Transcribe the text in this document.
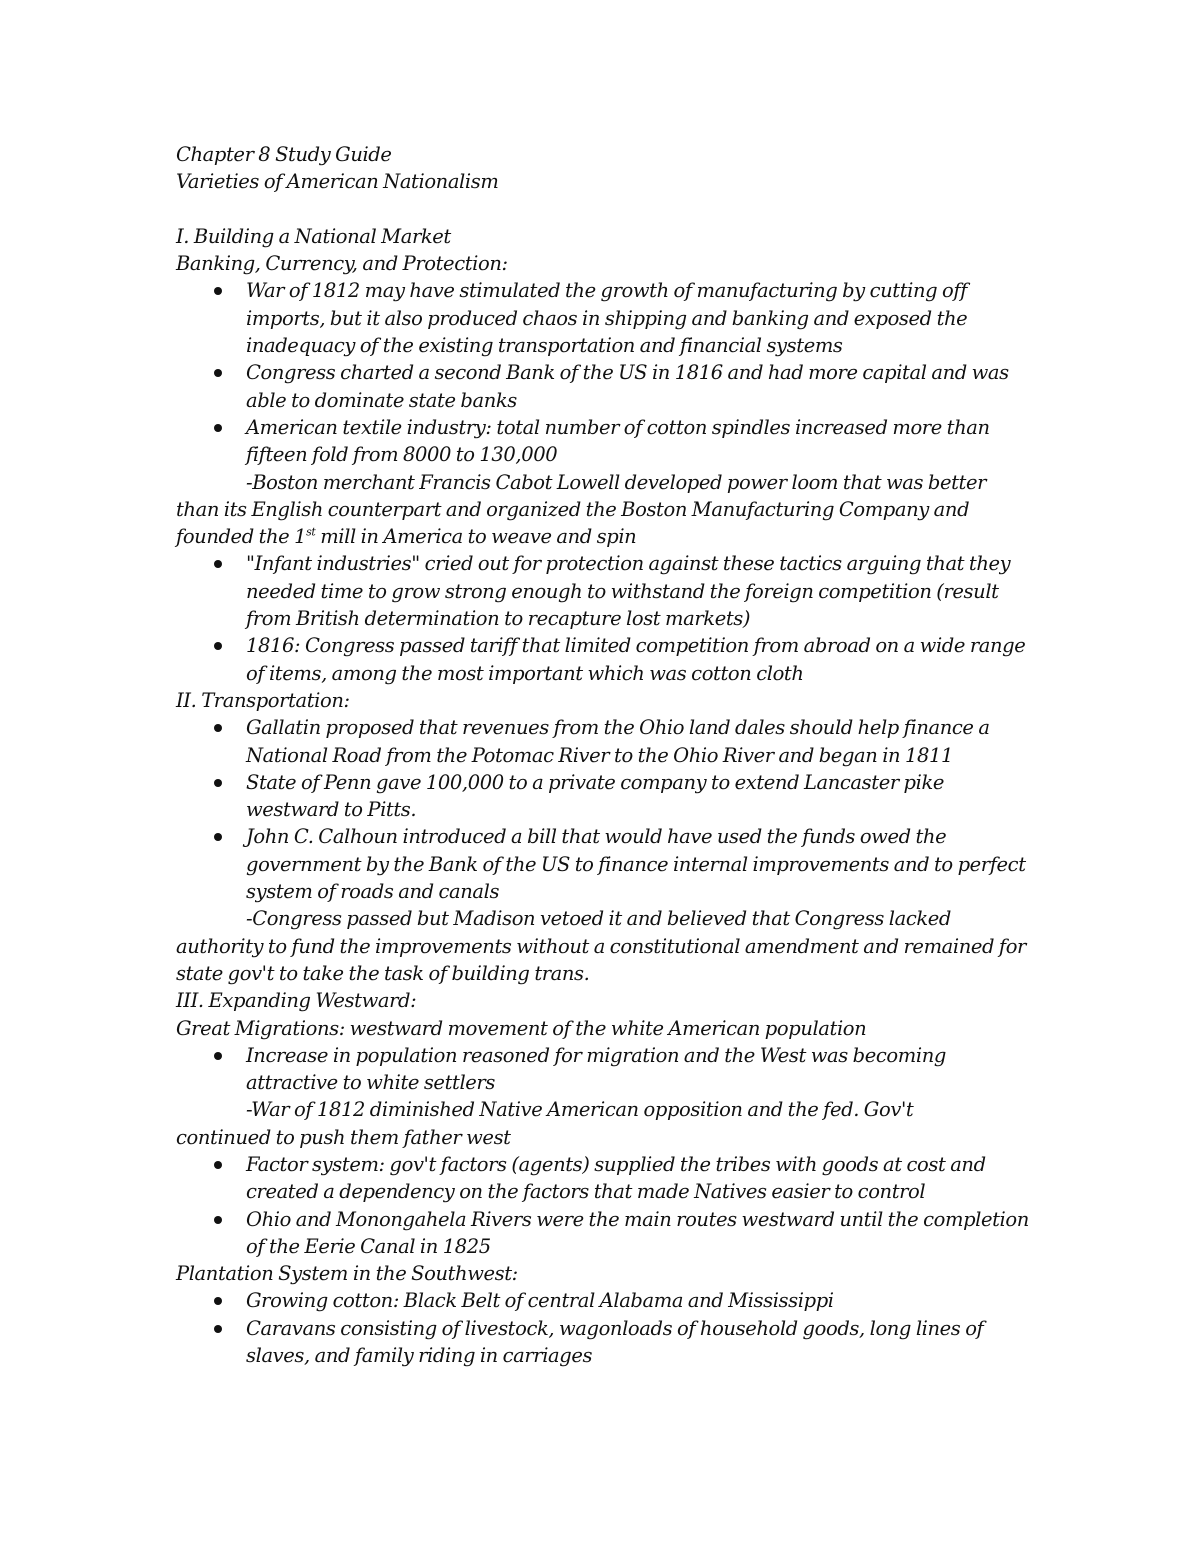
Chapter 8 Study Guide
Varieties of American Nationalism
I. Building a National Market
Banking, Currency, and Protection:
War of 1812 may have stimulated the growth of manufacturing by cutting off imports, but it also produced chaos in shipping and banking and exposed the inadequacy of the existing transportation and financial systems
Congress charted a second Bank of the US in 1816 and had more capital and was able to dominate state banks
American textile industry: total number of cotton spindles increased more than fifteen fold from 8000 to 130,000
-Boston merchant Francis Cabot Lowell developed power loom that was better
than its English counterpart and organized the Boston Manufacturing Company and founded the 1st mill in America to weave and spin
"Infant industries" cried out for protection against these tactics arguing that they needed time to grow strong enough to withstand the foreign competition (result from British determination to recapture lost markets)
1816: Congress passed tariff that limited competition from abroad on a wide range of items, among the most important which was cotton cloth
II. Transportation:
Gallatin proposed that revenues from the Ohio land dales should help finance a National Road from the Potomac River to the Ohio River and began in 1811
State of Penn gave 100,000 to a private company to extend Lancaster pike westward to Pitts.
John C. Calhoun introduced a bill that would have used the funds owed the government by the Bank of the US to finance internal improvements and to perfect system of roads and canals
-Congress passed but Madison vetoed it and believed that Congress lacked
authority to fund the improvements without a constitutional amendment and remained for state gov't to take the task of building trans.
III. Expanding Westward:
Great Migrations: westward movement of the white American population
Increase in population reasoned for migration and the West was becoming attractive to white settlers
-War of 1812 diminished Native American opposition and the fed. Gov't
continued to push them father west
Factor system: gov't factors (agents) supplied the tribes with goods at cost and created a dependency on the factors that made Natives easier to control
Ohio and Monongahela Rivers were the main routes westward until the completion of the Eerie Canal in 1825
Plantation System in the Southwest:
Growing cotton: Black Belt of central Alabama and Mississippi
Caravans consisting of livestock, wagonloads of household goods, long lines of slaves, and family riding in carriages
